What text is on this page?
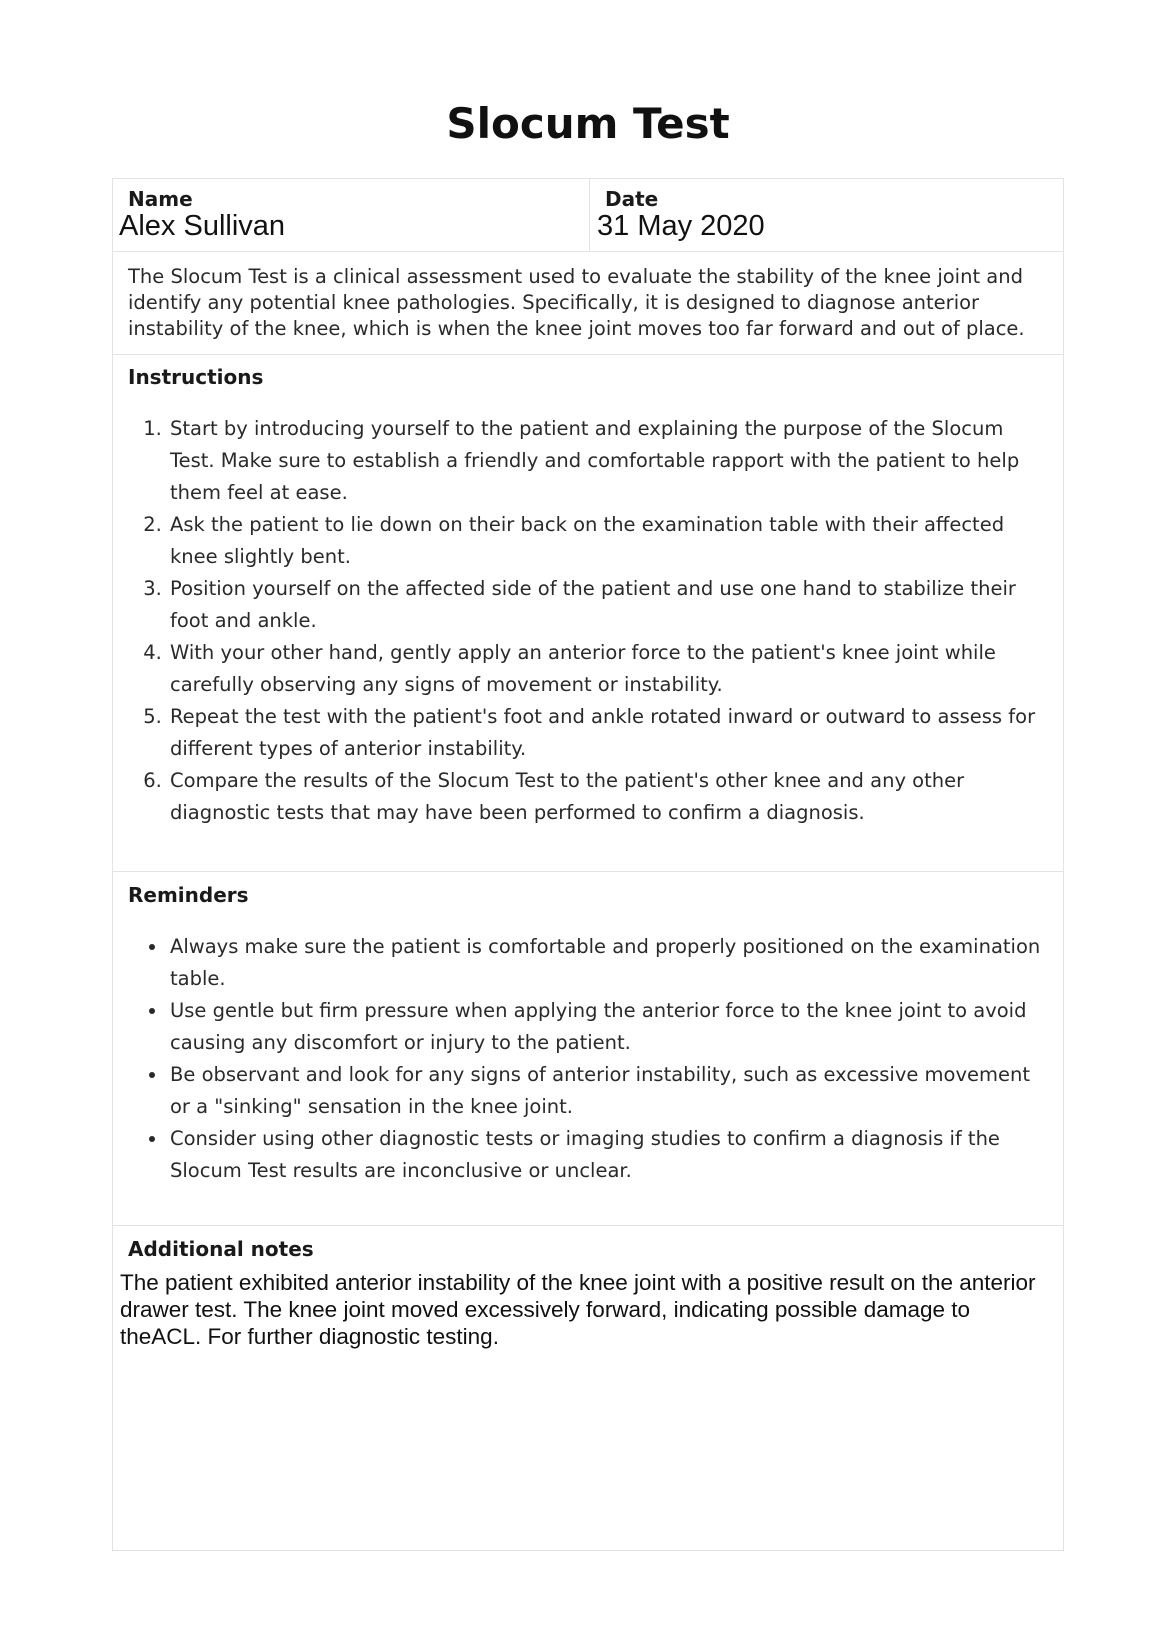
Slocum Test
Name
Alex Sullivan
Date
31 May 2020

The Slocum Test is a clinical assessment used to evaluate the stability of the knee joint and identify any potential knee pathologies. Specifically, it is designed to diagnose anterior instability of the knee, which is when the knee joint moves too far forward and out of place.

Instructions
1. Start by introducing yourself to the patient and explaining the purpose of the Slocum Test. Make sure to establish a friendly and comfortable rapport with the patient to help them feel at ease.
2. Ask the patient to lie down on their back on the examination table with their affected knee slightly bent.
3. Position yourself on the affected side of the patient and use one hand to stabilize their foot and ankle.
4. With your other hand, gently apply an anterior force to the patient's knee joint while carefully observing any signs of movement or instability.
5. Repeat the test with the patient's foot and ankle rotated inward or outward to assess for different types of anterior instability.
6. Compare the results of the Slocum Test to the patient's other knee and any other diagnostic tests that may have been performed to confirm a diagnosis.
Reminders
• Always make sure the patient is comfortable and properly positioned on the examination table.
• Use gentle but firm pressure when applying the anterior force to the knee joint to avoid causing any discomfort or injury to the patient.
• Be observant and look for any signs of anterior instability, such as excessive movement or a "sinking" sensation in the knee joint.
• Consider using other diagnostic tests or imaging studies to confirm a diagnosis if the Slocum Test results are inconclusive or unclear.
Additional notes

The patient exhibited anterior instability of the knee joint with a positive result on the anterior drawer test. The knee joint moved excessively forward, indicating possible damage to theACL. For further diagnostic testing.
